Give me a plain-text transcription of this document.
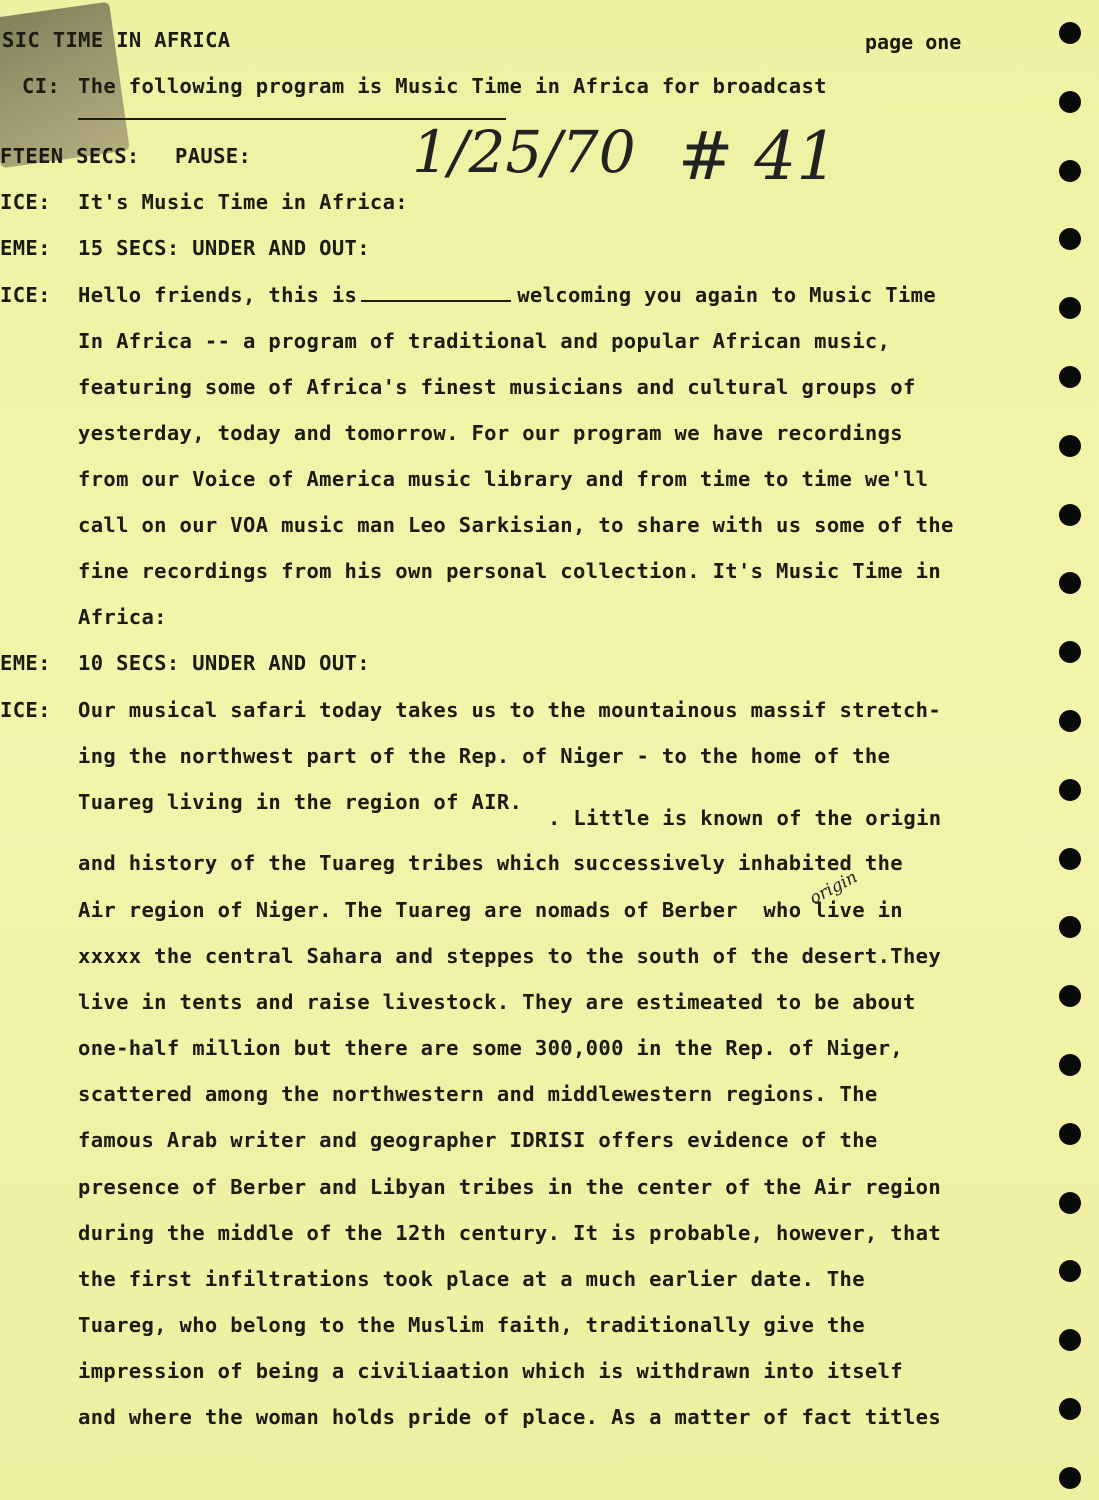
SIC TIME IN AFRICA	page one
CI: The following program is Music Time in Africa for broadcast
FTEEN SECS: PAUSE:
ICE: It's Music Time in Africa:
EME: 15 SECS: UNDER AND OUT:
ICE: Hello friends, this is	welcoming you again to Music Time
In Africa -- a program of traditional and popular African music,
featuring some of Africa's finest musicians and cultural groups of
yesterday, today and tomorrow. For our program we have recordings
from our Voice of America music library and from time to time we'll
call on our VOA music man Leo Sarkisian, to share with us some of the
fine recordings from his own personal collection. It's Music Time in
Africa:
EME: 10 SECS: UNDER AND OUT:
ICE: Our musical safari today takes us to the mountainous massif stretch-
ing the northwest part of the Rep. of Niger - to the home of the
Tuareg living in the region of AIR.
. Little is known of the origin
and history of the Tuareg tribes which successively inhabited the
Air region of Niger. The Tuareg are nomads of Berber  who live in
xxxxx the central Sahara and steppes to the south of the desert.They
live in tents and raise livestock. They are estimeated to be about
one-half million but there are some 300,000 in the Rep. of Niger,
scattered among the northwestern and middlewestern regions. The
famous Arab writer and geographer IDRISI offers evidence of the
presence of Berber and Libyan tribes in the center of the Air region
during the middle of the 12th century. It is probable, however, that
the first infiltrations took place at a much earlier date. The
Tuareg, who belong to the Muslim faith, traditionally give the
impression of being a civiliaation which is withdrawn into itself
and where the woman holds pride of place. As a matter of fact titles
1/25/70 # 41
origin
